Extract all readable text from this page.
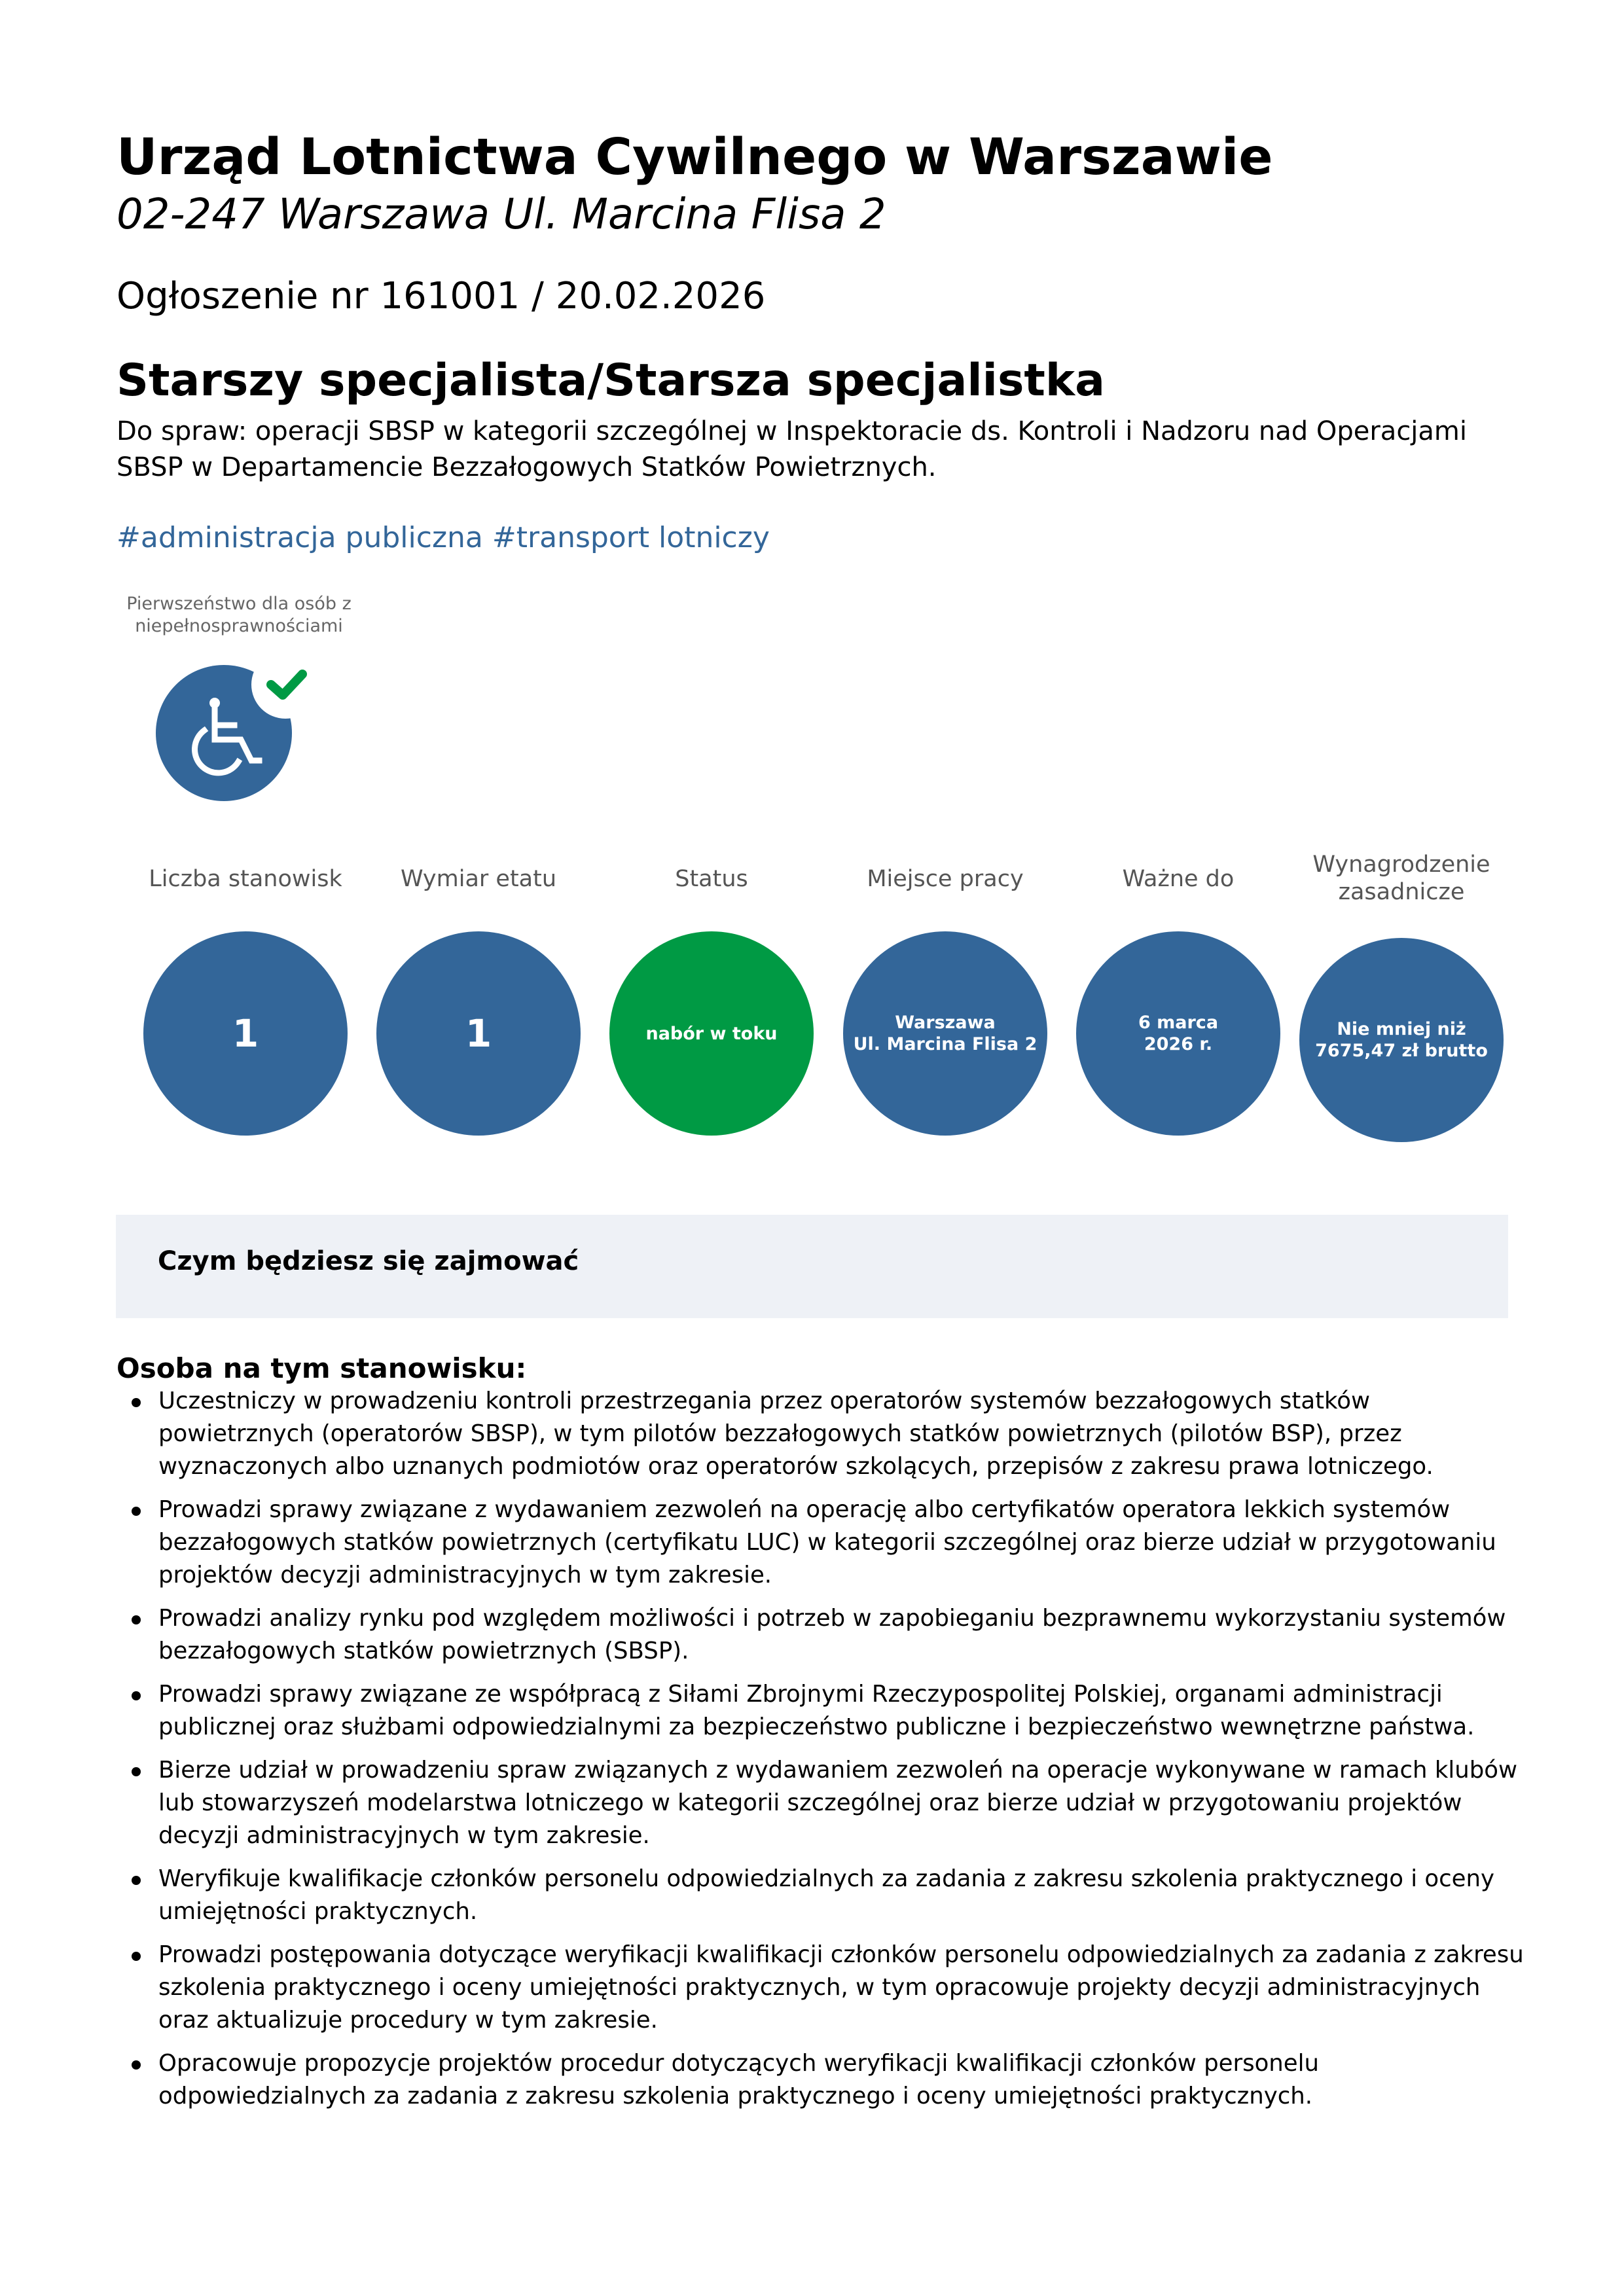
Urząd Lotnictwa Cywilnego w Warszawie
02-247 Warszawa Ul. Marcina Flisa 2
Ogłoszenie nr 161001 / 20.02.2026
Starszy specjalista/Starsza specjalistka
Do spraw: operacji SBSP w kategorii szczególnej w Inspektoracie ds. Kontroli i Nadzoru nad Operacjami SBSP w Departamencie Bezzałogowych Statków Powietrznych.
#administracja publiczna #transport lotniczy
Pierwszeństwo dla osób z
niepełnosprawnościami
Liczba stanowisk
1
Wymiar etatu
1
Status
nabór w toku
Miejsce pracy
Warszawa
Ul. Marcina Flisa 2
Ważne do
6 marca
2026 r.
Wynagrodzenie
zasadnicze
Nie mniej niż
7675,47 zł brutto
Czym będziesz się zajmować
Osoba na tym stanowisku:
Uczestniczy w prowadzeniu kontroli przestrzegania przez operatorów systemów bezzałogowych statków powietrznych (operatorów SBSP), w tym pilotów bezzałogowych statków powietrznych (pilotów BSP), przez wyznaczonych albo uznanych podmiotów oraz operatorów szkolących, przepisów z zakresu prawa lotniczego.
Prowadzi sprawy związane z wydawaniem zezwoleń na operację albo certyfikatów operatora lekkich systemów bezzałogowych statków powietrznych (certyfikatu LUC) w kategorii szczególnej oraz bierze udział w przygotowaniu projektów decyzji administracyjnych w tym zakresie.
Prowadzi analizy rynku pod względem możliwości i potrzeb w zapobieganiu bezprawnemu wykorzystaniu systemów bezzałogowych statków powietrznych (SBSP).
Prowadzi sprawy związane ze współpracą z Siłami Zbrojnymi Rzeczypospolitej Polskiej, organami administracji publicznej oraz służbami odpowiedzialnymi za bezpieczeństwo publiczne i bezpieczeństwo wewnętrzne państwa.
Bierze udział w prowadzeniu spraw związanych z wydawaniem zezwoleń na operacje wykonywane w ramach klubów lub stowarzyszeń modelarstwa lotniczego w kategorii szczególnej oraz bierze udział w przygotowaniu projektów decyzji administracyjnych w tym zakresie.
Weryfikuje kwalifikacje członków personelu odpowiedzialnych za zadania z zakresu szkolenia praktycznego i oceny umiejętności praktycznych.
Prowadzi postępowania dotyczące weryfikacji kwalifikacji członków personelu odpowiedzialnych za zadania z zakresu szkolenia praktycznego i oceny umiejętności praktycznych, w tym opracowuje projekty decyzji administracyjnych oraz aktualizuje procedury w tym zakresie.
Opracowuje propozycje projektów procedur dotyczących weryfikacji kwalifikacji członków personelu odpowiedzialnych za zadania z zakresu szkolenia praktycznego i oceny umiejętności praktycznych.
